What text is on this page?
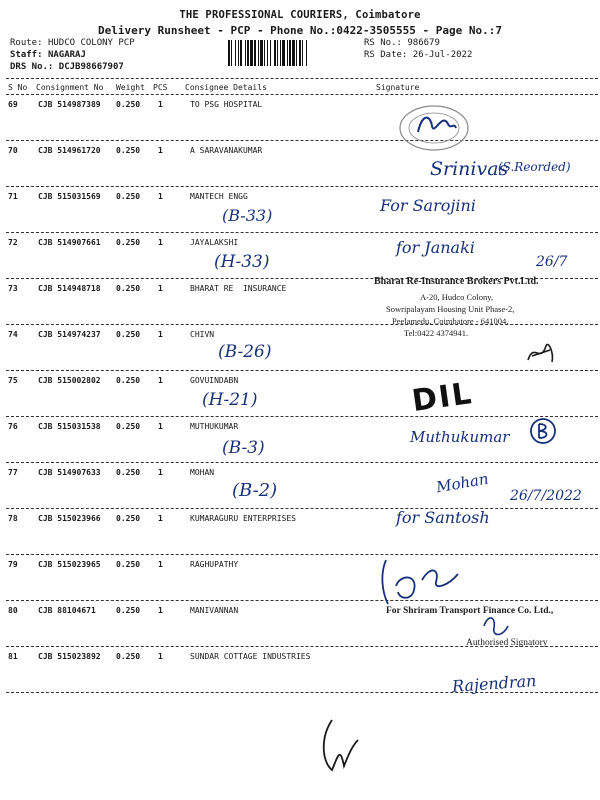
THE PROFESSIONAL COURIERS, Coimbatore
Delivery Runsheet - PCP - Phone No.:0422-3505555 - Page No.:7
Route: HUDCO COLONY PCP
Staff: NAGARAJ
DRS No.: DCJB98667907
RS No.: 986679
RS Date: 26-Jul-2022
S No Consignment No Weight PCS Consignee Details	Signature
69	CJB 514987389 0.250 1	TO PSG HOSPITAL
70	CJB 514961720 0.250 1	A SARAVANAKUMAR
71	CJB 515031569 0.250 1	MANTECH ENGG
72	CJB 514907661 0.250 1	JAYALAKSHI
73	CJB 514948718 0.250 1	BHARAT RE  INSURANCE
74	CJB 514974237 0.250 1	CHIVN
75	CJB 515002802 0.250 1	GOVUINDABN
76	CJB 515031538 0.250 1	MUTHUKUMAR
77	CJB 514907633 0.250 1	MOHAN
78	CJB 515023966 0.250 1	KUMARAGURU ENTERPRISES
79	CJB 515023965 0.250 1	RAGHUPATHY
80	CJB 88104671	0.250 1	MANIVANNAN
81	CJB 515023892 0.250 1	SUNDAR COTTAGE INDUSTRIES
Srinivas
(S.Reorded)
(B-33)
For Sarojini
(H-33)
for Janaki
26/7
Bharat Re-Insurance Brokers Pvt.Ltd.
A-20, Hudco Colony,
Sowripalayam Housing Unit Phase-2,
Peelamedu, Coimbatore - 641004.
Tel:0422 4374941.
(B-26)
(H-21)	DIL
(B-3)
Muthukumar
(B-2)	Mohan 26/7/2022
for Santosh
For Shriram Transport Finance Co. Ltd.,
Authorised Signatory
Rajendran
